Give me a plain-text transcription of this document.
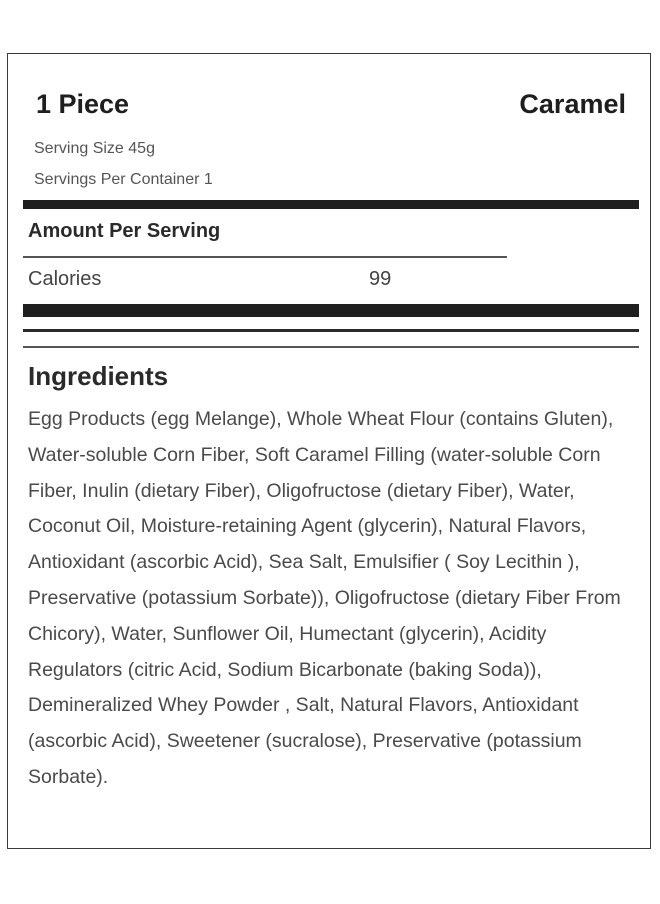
1 Piece	Caramel
Serving Size 45g
Servings Per Container 1
Amount Per Serving
Calories	99
Ingredients
Egg Products (egg Melange), Whole Wheat Flour (contains Gluten), Water-soluble Corn Fiber, Soft Caramel Filling (water-soluble Corn Fiber, Inulin (dietary Fiber), Oligofructose (dietary Fiber), Water, Coconut Oil, Moisture-retaining Agent (glycerin), Natural Flavors, Antioxidant (ascorbic Acid), Sea Salt, Emulsifier ( Soy Lecithin ), Preservative (potassium Sorbate)), Oligofructose (dietary Fiber From Chicory), Water, Sunflower Oil, Humectant (glycerin), Acidity Regulators (citric Acid, Sodium Bicarbonate (baking Soda)), Demineralized Whey Powder , Salt, Natural Flavors, Antioxidant (ascorbic Acid), Sweetener (sucralose), Preservative (potassium Sorbate).
